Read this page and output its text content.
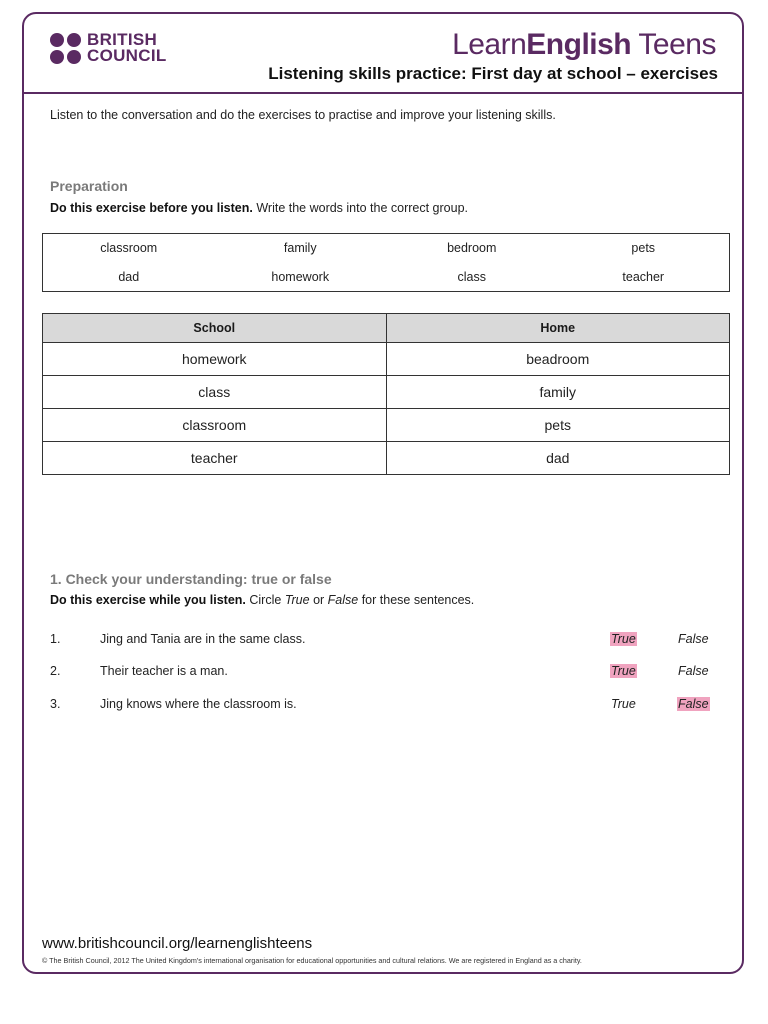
BRITISH
COUNCIL	LearnEnglish Teens
Listening skills practice: First day at school – exercises
Listen to the conversation and do the exercises to practise and improve your listening skills.
Preparation
Do this exercise before you listen. Write the words into the correct group.
classroom	family	bedroom	pets
dad	homework	class	teacher
School	Home
homework	beadroom
class	family
classroom	pets
teacher	dad
1. Check your understanding: true or false
Do this exercise while you listen. Circle True or False for these sentences.
1.	Jing and Tania are in the same class.	True	False
2.	Their teacher is a man.	True	False
3.	Jing knows where the classroom is.	True	False
www.britishcouncil.org/learnenglishteens
© The British Council, 2012 The United Kingdom's international organisation for educational opportunities and cultural relations. We are registered in England as a charity.
